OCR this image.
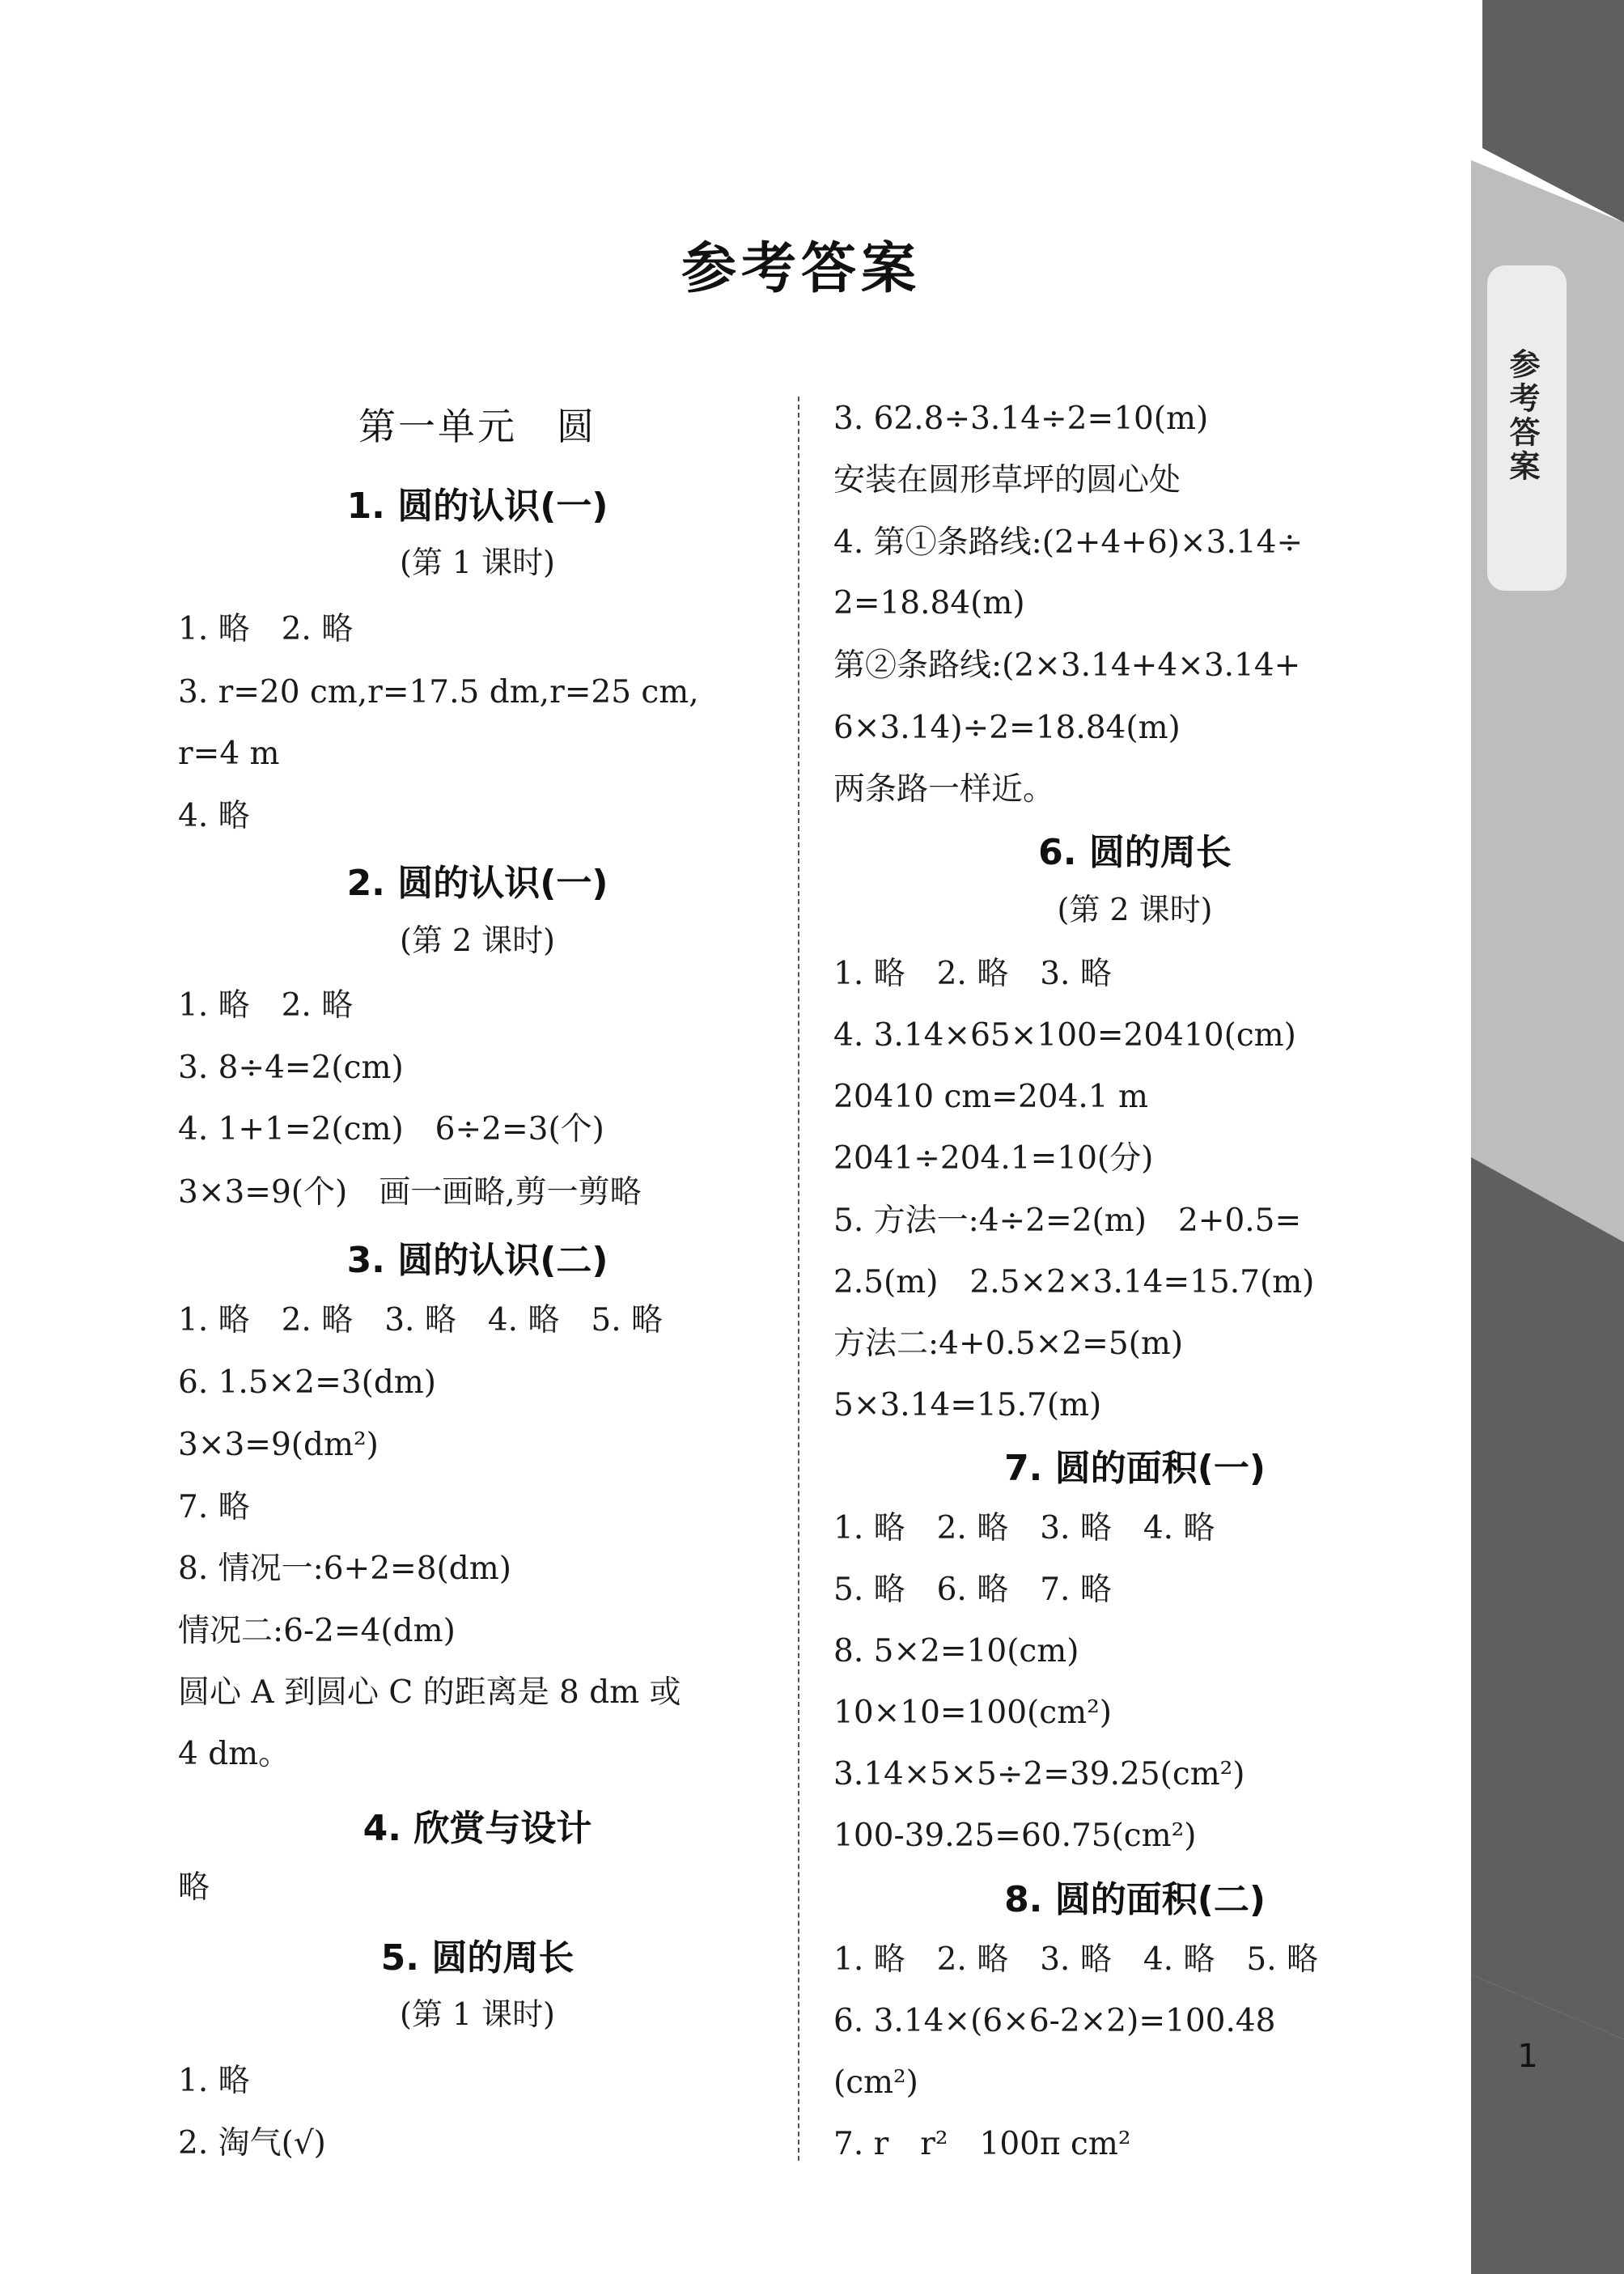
参考答案
参考答案
第一单元　圆
1. 圆的认识(一)
(第 1 课时)
1. 略　2. 略
3. r=20 cm,r=17.5 dm,r=25 cm,
r=4 m
4. 略
2. 圆的认识(一)
(第 2 课时)
1. 略　2. 略
3. 8÷4=2(cm)
4. 1+1=2(cm)　6÷2=3(个)
3×3=9(个)　画一画略,剪一剪略
3. 圆的认识(二)
1. 略　2. 略　3. 略　4. 略　5. 略
6. 1.5×2=3(dm)
3×3=9(dm²)
7. 略
8. 情况一:6+2=8(dm)
情况二:6-2=4(dm)
圆心 A 到圆心 C 的距离是 8 dm 或
4 dm。
4. 欣赏与设计
略
5. 圆的周长
(第 1 课时)
1. 略
2. 淘气(√)
3. 62.8÷3.14÷2=10(m)
安装在圆形草坪的圆心处
4. 第①条路线:(2+4+6)×3.14÷
2=18.84(m)
第②条路线:(2×3.14+4×3.14+
6×3.14)÷2=18.84(m)
两条路一样近。
6. 圆的周长
(第 2 课时)
1. 略　2. 略　3. 略
4. 3.14×65×100=20410(cm)
20410 cm=204.1 m
2041÷204.1=10(分)
5. 方法一:4÷2=2(m)　2+0.5=
2.5(m)　2.5×2×3.14=15.7(m)
方法二:4+0.5×2=5(m)
5×3.14=15.7(m)
7. 圆的面积(一)
1. 略　2. 略　3. 略　4. 略
5. 略　6. 略　7. 略
8. 5×2=10(cm)
10×10=100(cm²)
3.14×5×5÷2=39.25(cm²)
100-39.25=60.75(cm²)
8. 圆的面积(二)
1. 略　2. 略　3. 略　4. 略　5. 略
6. 3.14×(6×6-2×2)=100.48
(cm²)
7. r　r²　100π cm²
1
